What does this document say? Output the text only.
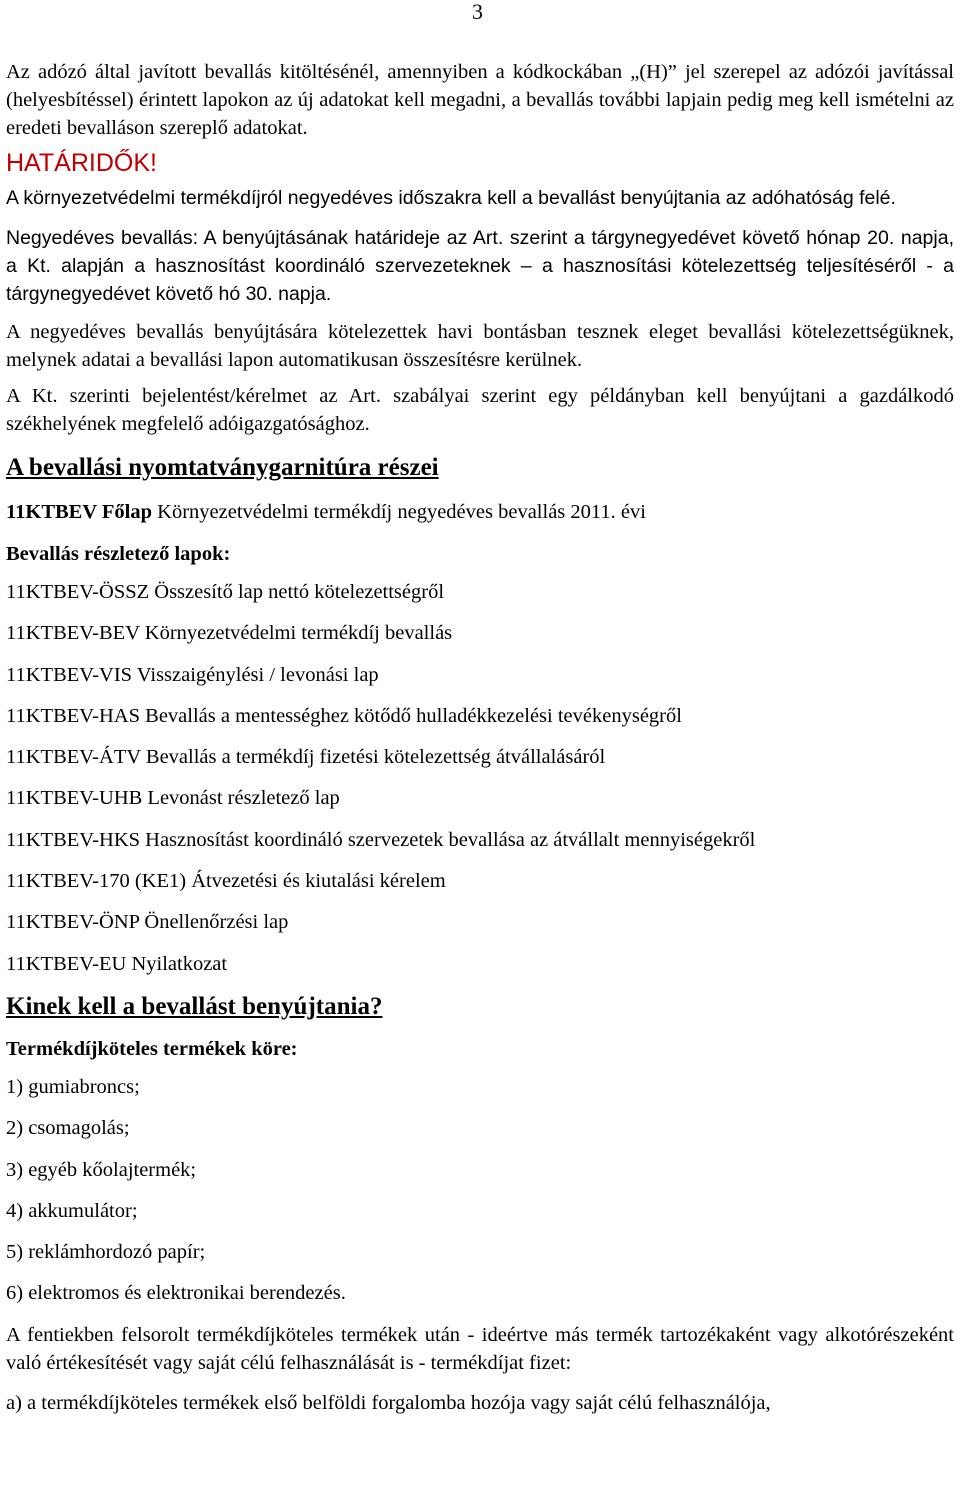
3

Az adózó által javított bevallás kitöltésénél, amennyiben a kódkockában „(H)” jel szerepel az adózói javítással (helyesbítéssel) érintett lapokon az új adatokat kell megadni, a bevallás további lapjain pedig meg kell ismételni az eredeti bevalláson szereplő adatokat.

HATÁRIDŐK!

A környezetvédelmi termékdíjról negyedéves időszakra kell a bevallást benyújtania az adóhatóság felé.

Negyedéves bevallás: A benyújtásának határideje az Art. szerint a tárgynegyedévet követő hónap 20. napja, a Kt. alapján a hasznosítást koordináló szervezeteknek – a hasznosítási kötelezettség teljesítéséről - a tárgynegyedévet követő hó 30. napja.

A negyedéves bevallás benyújtására kötelezettek havi bontásban tesznek eleget bevallási kötelezettségüknek, melynek adatai a bevallási lapon automatikusan összesítésre kerülnek.

A Kt. szerinti bejelentést/kérelmet az Art. szabályai szerint egy példányban kell benyújtani a gazdálkodó székhelyének megfelelő adóigazgatósághoz.

A bevallási nyomtatványgarnitúra részei

11KTBEV Főlap Környezetvédelmi termékdíj negyedéves bevallás 2011. évi

Bevallás részletező lapok:

11KTBEV-ÖSSZ Összesítő lap nettó kötelezettségről

11KTBEV-BEV Környezetvédelmi termékdíj bevallás

11KTBEV-VIS Visszaigénylési / levonási lap

11KTBEV-HAS Bevallás a mentességhez kötődő hulladékkezelési tevékenységről

11KTBEV-ÁTV Bevallás a termékdíj fizetési kötelezettség átvállalásáról

11KTBEV-UHB Levonást részletező lap

11KTBEV-HKS Hasznosítást koordináló szervezetek bevallása az átvállalt mennyiségekről

11KTBEV-170 (KE1) Átvezetési és kiutalási kérelem

11KTBEV-ÖNP Önellenőrzési lap

11KTBEV-EU Nyilatkozat

Kinek kell a bevallást benyújtania?

Termékdíjköteles termékek köre:

1) gumiabroncs;

2) csomagolás;

3) egyéb kőolajtermék;

4) akkumulátor;

5) reklámhordozó papír;

6) elektromos és elektronikai berendezés.

A fentiekben felsorolt termékdíjköteles termékek után - ideértve más termék tartozékaként vagy alkotórészeként való értékesítését vagy saját célú felhasználását is - termékdíjat fizet:

a) a termékdíjköteles termékek első belföldi forgalomba hozója vagy saját célú felhasználója,
